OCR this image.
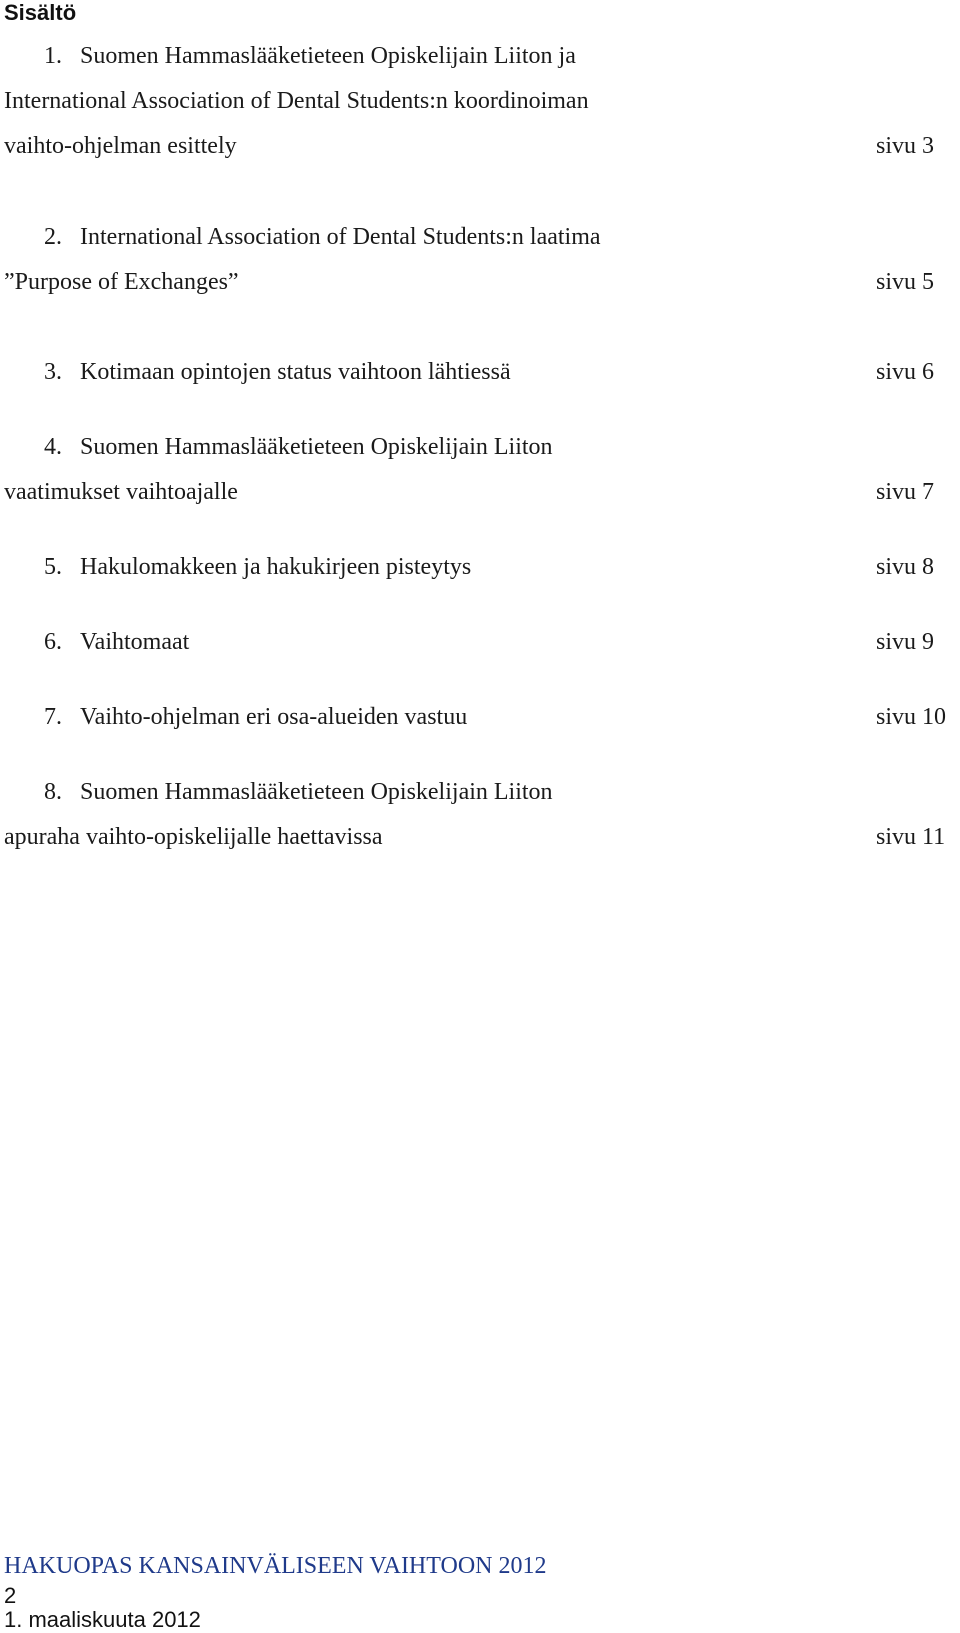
Sisältö
1. Suomen Hammaslääketieteen Opiskelijain Liiton ja
International Association of Dental Students:n koordinoiman
vaihto-ohjelman esittely	sivu 3
2. International Association of Dental Students:n laatima
”Purpose of Exchanges”	sivu 5
3. Kotimaan opintojen status vaihtoon lähtiessä	sivu 6
4. Suomen Hammaslääketieteen Opiskelijain Liiton
vaatimukset vaihtoajalle	sivu 7
5. Hakulomakkeen ja hakukirjeen pisteytys	sivu 8
6. Vaihtomaat	sivu 9
7. Vaihto-ohjelman eri osa-alueiden vastuu	sivu 10
8. Suomen Hammaslääketieteen Opiskelijain Liiton
apuraha vaihto-opiskelijalle haettavissa	sivu 11
HAKUOPAS KANSAINVÄLISEEN VAIHTOON 2012
2
1. maaliskuuta 2012
